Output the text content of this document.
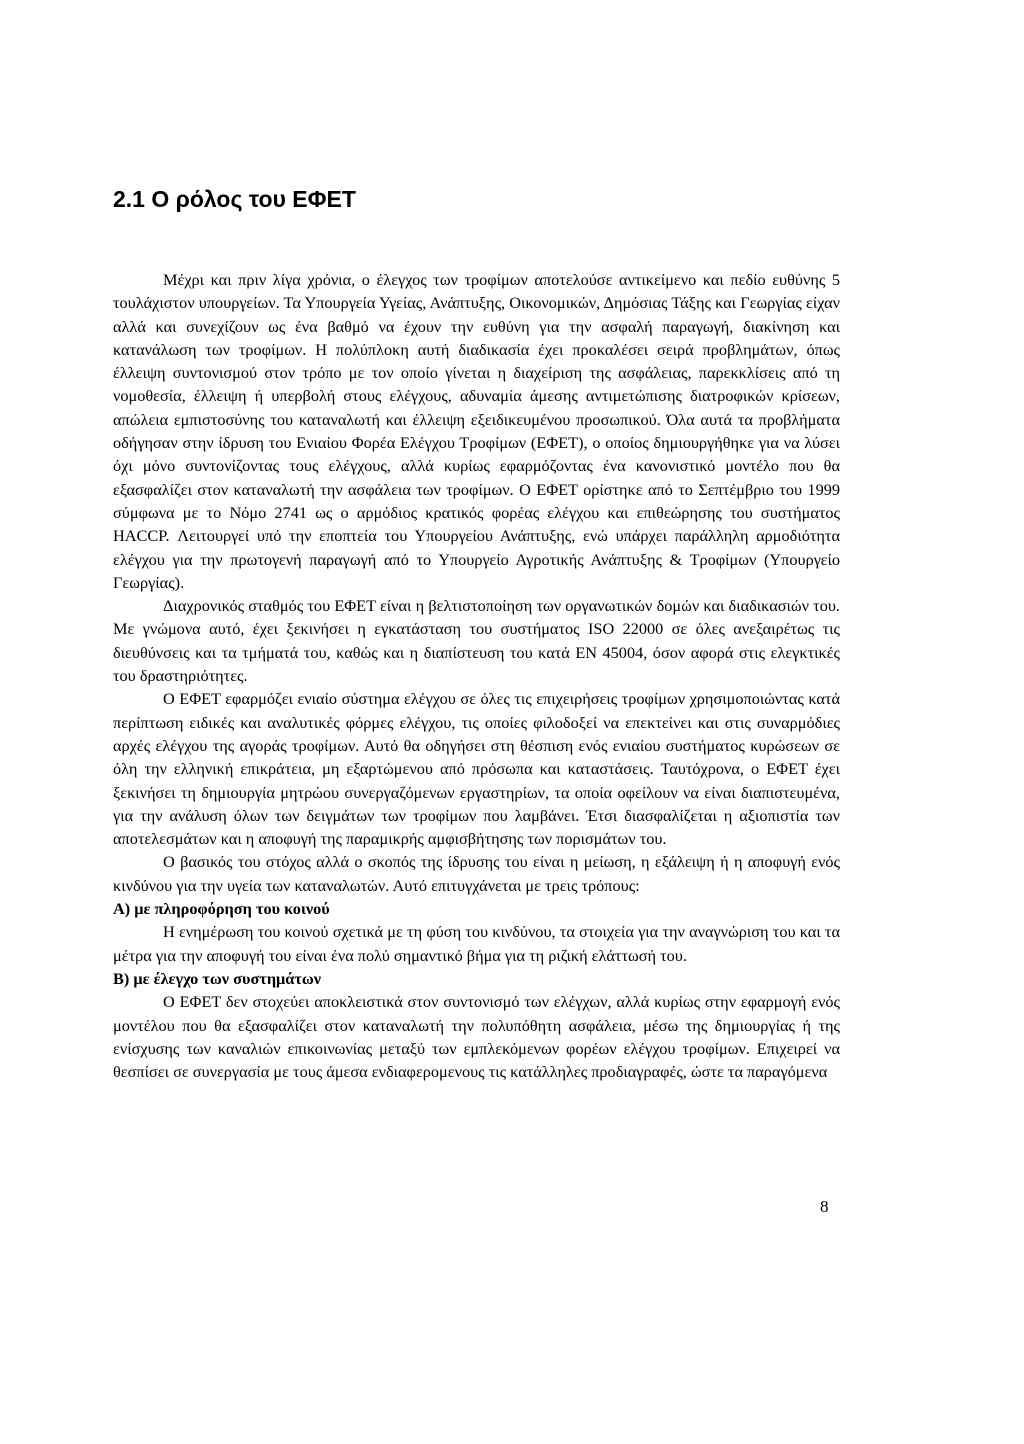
2.1 Ο ρόλος του ΕΦΕΤ

Μέχρι και πριν λίγα χρόνια, ο έλεγχος των τροφίμων αποτελούσε αντικείμενο και πεδίο ευθύνης 5 τουλάχιστον υπουργείων. Τα Υπουργεία Υγείας, Ανάπτυξης, Οικονομικών, Δημόσιας Τάξης και Γεωργίας είχαν αλλά και συνεχίζουν ως ένα βαθμό να έχουν την ευθύνη για την ασφαλή παραγωγή, διακίνηση και κατανάλωση των τροφίμων. Η πολύπλοκη αυτή διαδικασία έχει προκαλέσει σειρά προβλημάτων, όπως έλλειψη συντονισμού στον τρόπο με τον οποίο γίνεται η διαχείριση της ασφάλειας, παρεκκλίσεις από τη νομοθεσία, έλλειψη ή υπερβολή στους ελέγχους, αδυναμία άμεσης αντιμετώπισης διατροφικών κρίσεων, απώλεια εμπιστοσύνης του καταναλωτή και έλλειψη εξειδικευμένου προσωπικού. Όλα αυτά τα προβλήματα οδήγησαν στην ίδρυση του Ενιαίου Φορέα Ελέγχου Τροφίμων (ΕΦΕΤ), ο οποίος δημιουργήθηκε για να λύσει όχι μόνο συντονίζοντας τους ελέγχους, αλλά κυρίως εφαρμόζοντας ένα κανονιστικό μοντέλο που θα εξασφαλίζει στον καταναλωτή την ασφάλεια των τροφίμων. Ο ΕΦΕΤ ορίστηκε από το Σεπτέμβριο του 1999 σύμφωνα με το Νόμο 2741 ως ο αρμόδιος κρατικός φορέας ελέγχου και επιθεώρησης του συστήματος HACCP. Λειτουργεί υπό την εποπτεία του Υπουργείου Ανάπτυξης, ενώ υπάρχει παράλληλη αρμοδιότητα ελέγχου για την πρωτογενή παραγωγή από το Υπουργείο Αγροτικής Ανάπτυξης & Τροφίμων (Υπουργείο Γεωργίας).

Διαχρονικός σταθμός του ΕΦΕΤ είναι η βελτιστοποίηση των οργανωτικών δομών και διαδικασιών του. Με γνώμονα αυτό, έχει ξεκινήσει η εγκατάσταση του συστήματος ISO 22000 σε όλες ανεξαιρέτως τις διευθύνσεις και τα τμήματά του, καθώς και η διαπίστευση του κατά ΕΝ 45004, όσον αφορά στις ελεγκτικές του δραστηριότητες.

Ο ΕΦΕΤ εφαρμόζει ενιαίο σύστημα ελέγχου σε όλες τις επιχειρήσεις τροφίμων χρησιμοποιώντας κατά περίπτωση ειδικές και αναλυτικές φόρμες ελέγχου, τις οποίες φιλοδοξεί να επεκτείνει και στις συναρμόδιες αρχές ελέγχου της αγοράς τροφίμων. Αυτό θα οδηγήσει στη θέσπιση ενός ενιαίου συστήματος κυρώσεων σε όλη την ελληνική επικράτεια, μη εξαρτώμενου από πρόσωπα και καταστάσεις. Ταυτόχρονα, ο ΕΦΕΤ έχει ξεκινήσει τη δημιουργία μητρώου συνεργαζόμενων εργαστηρίων, τα οποία οφείλουν να είναι διαπιστευμένα, για την ανάλυση όλων των δειγμάτων των τροφίμων που λαμβάνει. Έτσι διασφαλίζεται η αξιοπιστία των αποτελεσμάτων και η αποφυγή της παραμικρής αμφισβήτησης των πορισμάτων του.

Ο βασικός του στόχος αλλά ο σκοπός της ίδρυσης του είναι η μείωση, η εξάλειψη ή η αποφυγή ενός κινδύνου για την υγεία των καταναλωτών. Αυτό επιτυγχάνεται με τρεις τρόπους:

Α) με πληροφόρηση του κοινού

Η ενημέρωση του κοινού σχετικά με τη φύση του κινδύνου, τα στοιχεία για την αναγνώριση του και τα μέτρα για την αποφυγή του είναι ένα πολύ σημαντικό βήμα για τη ριζική ελάττωσή του.

Β) με έλεγχο των συστημάτων

Ο ΕΦΕΤ δεν στοχεύει αποκλειστικά στον συντονισμό των ελέγχων, αλλά κυρίως στην εφαρμογή ενός μοντέλου που θα εξασφαλίζει στον καταναλωτή την πολυπόθητη ασφάλεια, μέσω της δημιουργίας ή της ενίσχυσης των καναλιών επικοινωνίας μεταξύ των εμπλεκόμενων φορέων ελέγχου τροφίμων. Επιχειρεί να θεσπίσει σε συνεργασία με τους άμεσα ενδιαφερομενους τις κατάλληλες προδιαγραφές, ώστε τα παραγόμενα

8
